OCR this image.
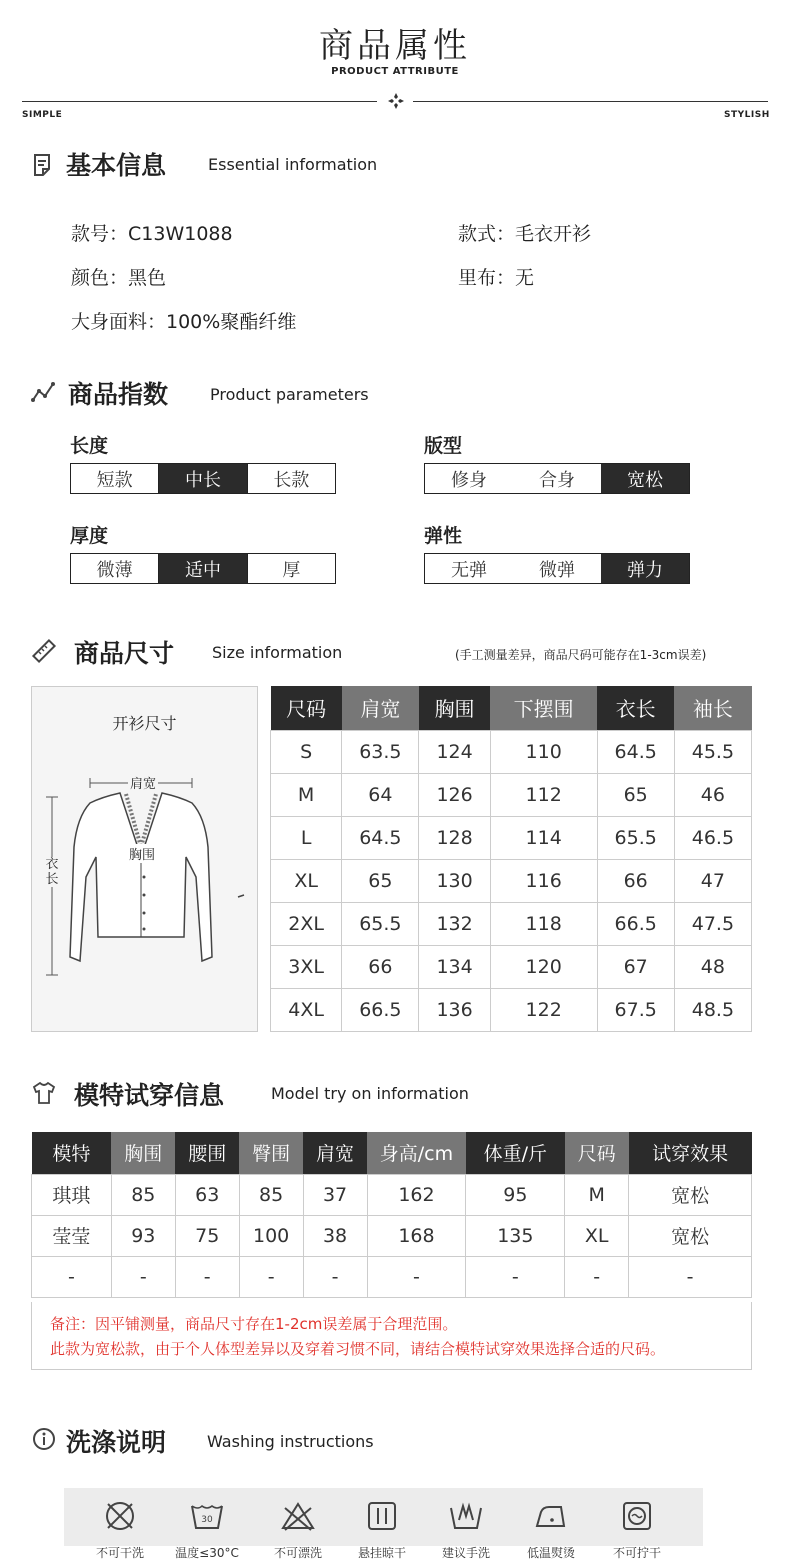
商品属性
PRODUCT ATTRIBUTE
SIMPLE	STYLISH
基本信息	Essential information
款号：C13W1088	款式：毛衣开衫
颜色：黑色	里布：无
大身面料：100%聚酯纤维
商品指数	Product parameters
长度
短款	中长	长款
版型
修身	合身	宽松
厚度
微薄	适中	厚
弹性
无弹	微弹	弹力
商品尺寸 Size information	(手工测量差异，商品尺码可能存在1-3cm误差)
开衫尺寸
肩宽
胸围
衣长
尺码	肩宽	胸围	下摆围	衣长	袖长
S	63.5	124	110	64.5	45.5
M	64	126	112	65	46
L	64.5	128	114	65.5	46.5
XL	65	130	116	66	47
2XL	65.5	132	118	66.5	47.5
3XL	66	134	120	67	48
4XL	66.5	136	122	67.5	48.5
模特试穿信息	Model try on information
模特	胸围	腰围	臀围	肩宽	身高/cm	体重/斤	尺码	试穿效果
琪琪	85	63	85	37	162	95	M	宽松
莹莹	93	75	100	38	168	135	XL	宽松
-	-	-	-	-	-	-	-	-
备注：因平铺测量，商品尺寸存在1-2cm误差属于合理范围。
此款为宽松款，由于个人体型差异以及穿着习惯不同，请结合模特试穿效果选择合适的尺码。
洗涤说明	Washing instructions
不可干洗
30
温度≤30°C	不可漂洗	悬挂晾干	建议手洗	低温熨烫	不可拧干
